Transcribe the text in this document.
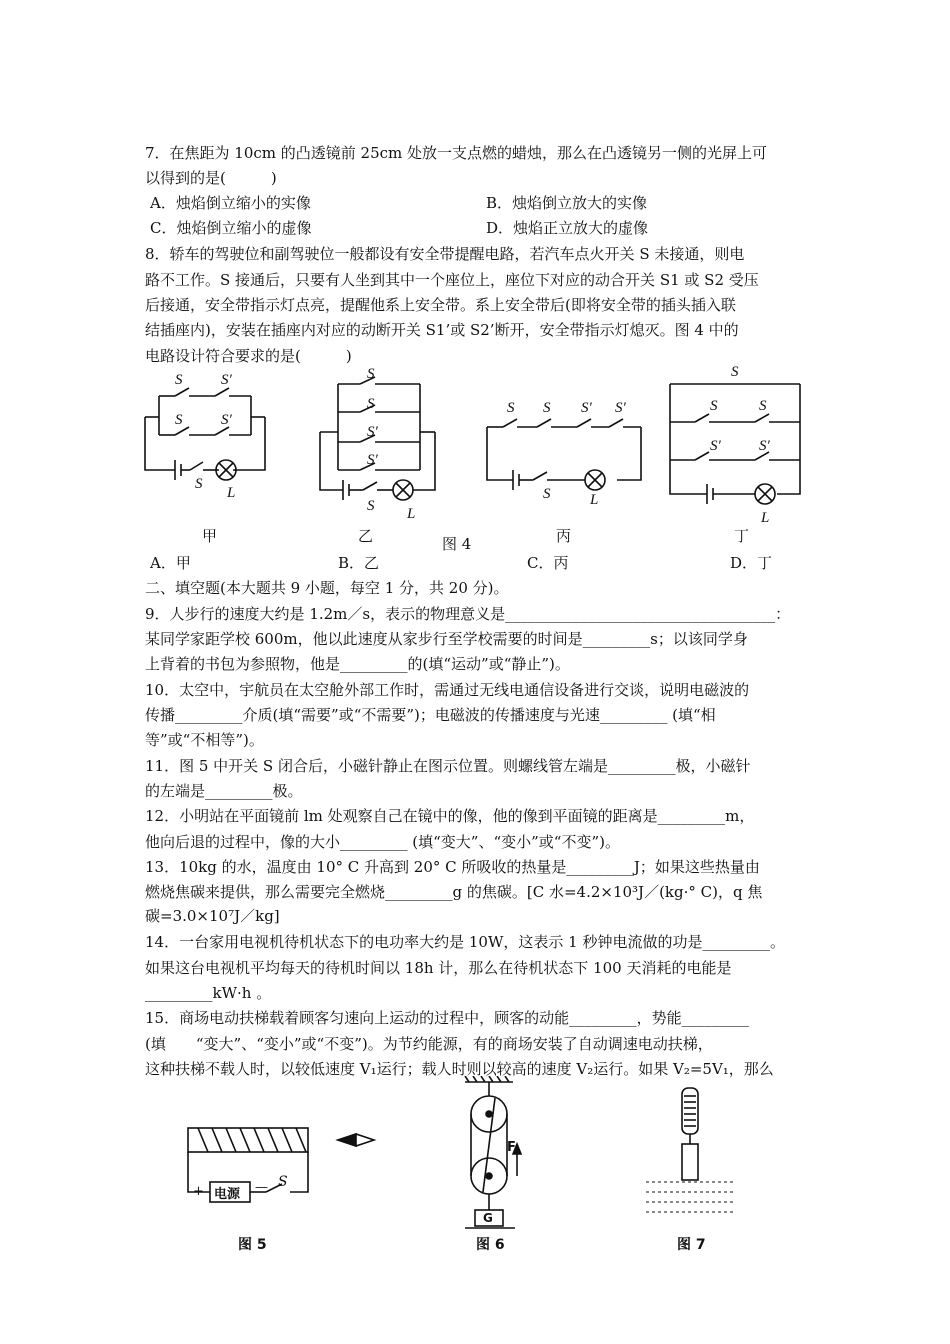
7．在焦距为 10cm 的凸透镜前 25cm 处放一支点燃的蜡烛，那么在凸透镜另一侧的光屏上可
以得到的是(　　　)
A．烛焰倒立缩小的实像	B．烛焰倒立放大的实像
C．烛焰倒立缩小的虚像	D．烛焰正立放大的虚像
8．轿车的驾驶位和副驾驶位一般都设有安全带提醒电路，若汽车点火开关 S 未接通，则电
路不工作。S 接通后，只要有人坐到其中一个座位上，座位下对应的动合开关 S1 或 S2 受压
后接通，安全带指示灯点亮，提醒他系上安全带。系上安全带后(即将安全带的插头插入联
结插座内)，安装在插座内对应的动断开关 S1’或 S2’断开，安全带指示灯熄灭。图 4 中的
电路设计符合要求的是(　　　)
S	S′
S	S′
S
L
S
S
S′
S′
S L
S S S′ S′
S	L
S
S	S
S′	S′
L
甲	乙	图 4	丙	丁
A．甲	B．乙	C．丙	D．丁
二、填空题(本大题共 9 小题，每空 1 分，共 20 分)。
9．人步行的速度大约是 1.2m／s，表示的物理意义是____________________________________：
某同学家距学校 600m，他以此速度从家步行至学校需要的时间是_________s；以该同学身
上背着的书包为参照物，他是_________的(填“运动”或“静止”)。
10．太空中，宇航员在太空舱外部工作时，需通过无线电通信设备进行交谈，说明电磁波的
传播_________介质(填“需要”或“不需要”)；电磁波的传播速度与光速_________ (填“相
等”或“不相等”)。
11．图 5 中开关 S 闭合后，小磁针静止在图示位置。则螺线管左端是_________极，小磁针
的左端是_________极。
12．小明站在平面镜前 lm 处观察自己在镜中的像，他的像到平面镜的距离是_________m，
他向后退的过程中，像的大小_________ (填“变大”、“变小”或“不变”)。
13．10kg 的水，温度由 10° C 升高到 20° C 所吸收的热量是_________J；如果这些热量由
燃烧焦碳来提供，那么需要完全燃烧_________g 的焦碳。[C 水=4.2×10³J／(kg·° C)，q 焦
碳=3.0×10⁷J／kg]
14．一台家用电视机待机状态下的电功率大约是 10W，这表示 1 秒钟电流做的功是_________。
如果这台电视机平均每天的待机时间以 18h 计，那么在待机状态下 100 天消耗的电能是
_________kW·h 。
15．商场电动扶梯载着顾客匀速向上运动的过程中，顾客的动能_________，势能_________
(填　　“变大”、“变小”或“不变”)。为节约能源，有的商场安装了自动调速电动扶梯，
这种扶梯不载人时，以较低速度 V₁运行；载人时则以较高的速度 V₂运行。如果 V₂=5V₁，那么
+ 电源 — S
图 5
F
G
图 6	图 7
